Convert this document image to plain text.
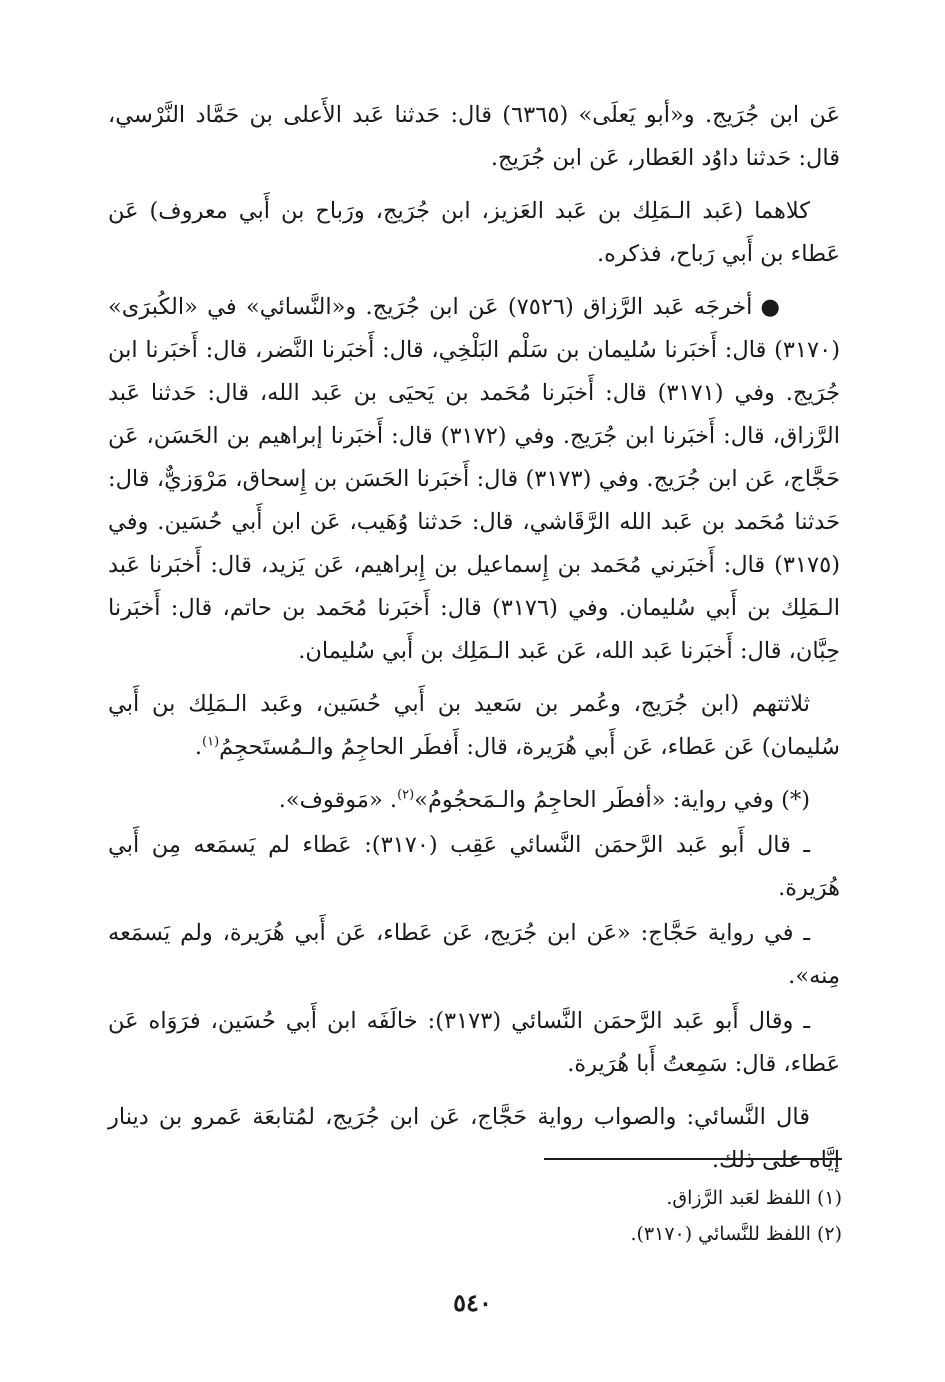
عَن ابن جُرَيج. و«أبو يَعلَى» (٦٣٦٥) قال: حَدثنا عَبد الأَعلى بن حَمَّاد النَّرْسي، قال: حَدثنا داوُد العَطار، عَن ابن جُرَيج.

كلاهما (عَبد الـمَلِك بن عَبد العَزيز، ابن جُرَيج، ورَباح بن أَبي معروف) عَن عَطاء بن أَبي رَباح، فذكره.

●أخرجَه عَبد الرَّزاق (٧٥٢٦) عَن ابن جُرَيج. و«النَّسائي» في «الكُبرَى» (٣١٧٠) قال: أَخبَرنا سُليمان بن سَلْم البَلْخِي، قال: أَخبَرنا النَّضر، قال: أَخبَرنا ابن جُرَيج. وفي (٣١٧١) قال: أَخبَرنا مُحَمد بن يَحيَى بن عَبد الله، قال: حَدثنا عَبد الرَّزاق، قال: أَخبَرنا ابن جُرَيج. وفي (٣١٧٢) قال: أَخبَرنا إبراهيم بن الحَسَن، عَن حَجَّاج، عَن ابن جُرَيج. وفي (٣١٧٣) قال: أَخبَرنا الحَسَن بن إِسحاق، مَرْوَزيٌّ، قال: حَدثنا مُحَمد بن عَبد الله الرَّقَاشي، قال: حَدثنا وُهَيب، عَن ابن أَبي حُسَين. وفي (٣١٧٥) قال: أَخبَرني مُحَمد بن إِسماعيل بن إِبراهيم، عَن يَزيد، قال: أَخبَرنا عَبد الـمَلِك بن أَبي سُليمان. وفي (٣١٧٦) قال: أَخبَرنا مُحَمد بن حاتم، قال: أَخبَرنا حِبَّان، قال: أَخبَرنا عَبد الله، عَن عَبد الـمَلِك بن أَبي سُليمان.

ثلاثتهم (ابن جُرَيج، وعُمر بن سَعيد بن أَبي حُسَين، وعَبد الـمَلِك بن أَبي سُليمان) عَن عَطاء، عَن أَبي هُرَيرة، قال: أَفطَر الحاجِمُ والـمُستَحجِمُ$^{(١)}$.

(*) وفي رواية: «أفطَر الحاجِمُ والـمَحجُومُ»$^{(٢)}$. «مَوقوف».

ـ قال أَبو عَبد الرَّحمَن النَّسائي عَقِب (٣١٧٠): عَطاء لم يَسمَعه مِن أَبي هُرَيرة.

ـ في رواية حَجَّاج: «عَن ابن جُرَيج، عَن عَطاء، عَن أَبي هُرَيرة، ولم يَسمَعه مِنه».

ـ وقال أَبو عَبد الرَّحمَن النَّسائي (٣١٧٣): خالَفَه ابن أَبي حُسَين، فرَوَاه عَن عَطاء، قال: سَمِعتُ أَبا هُرَيرة.

قال النَّسائي: والصواب رواية حَجَّاج، عَن ابن جُرَيج، لمُتابعَة عَمرو بن دينار إيَّاه على ذلك.

(١) اللفظ لعَبد الرَّزاق.
(٢) اللفظ للنَّسائي (٣١٧٠).
٥٤٠
